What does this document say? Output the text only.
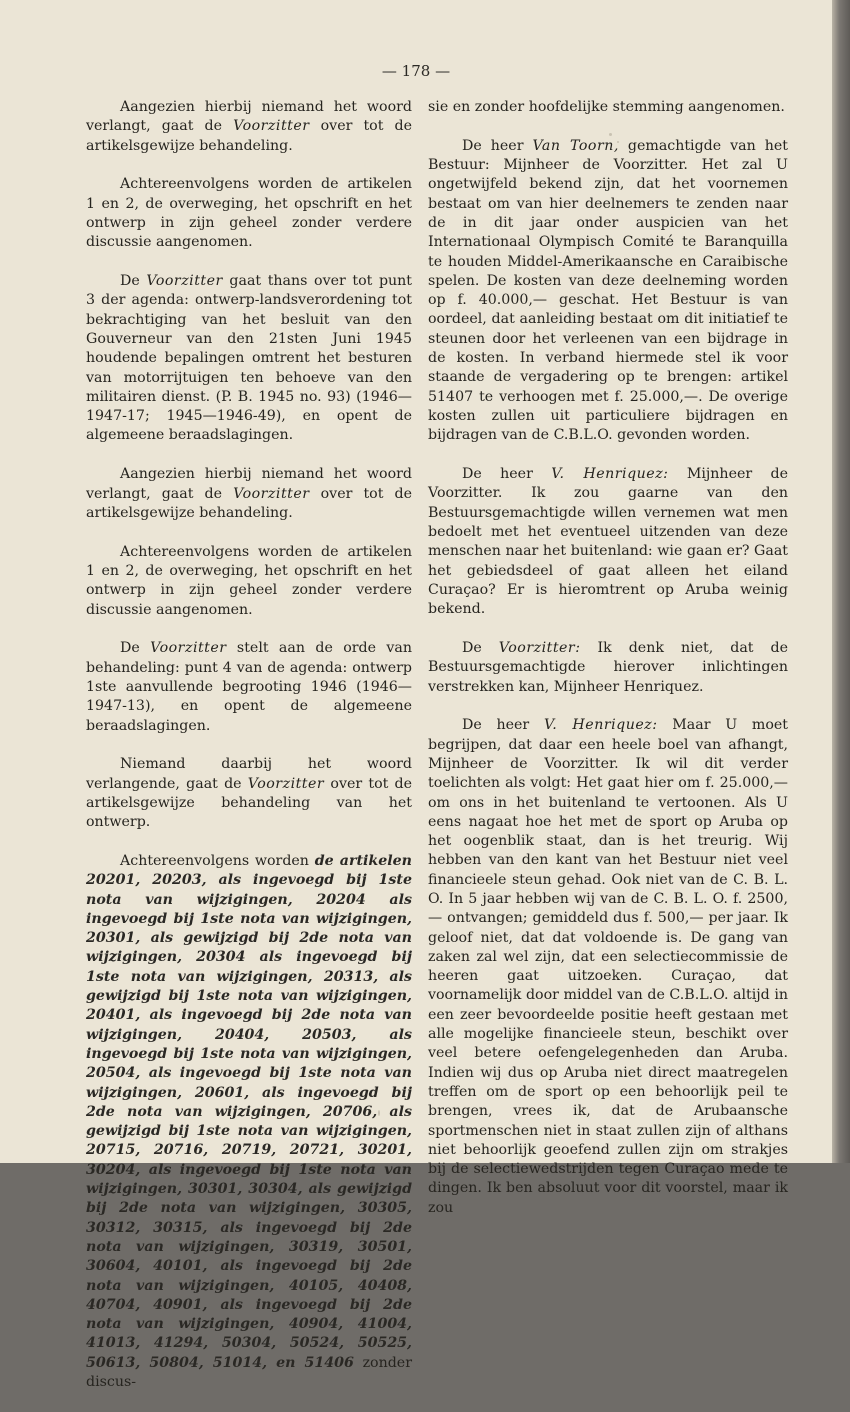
— 178 —

Aangezien hierbij niemand het woord verlangt, gaat de Voorzitter over tot de artikelsgewijze behandeling.

Achtereenvolgens worden de artikelen 1 en 2, de overweging, het opschrift en het ontwerp in zijn geheel zonder verdere discussie aangenomen.

De Voorzitter gaat thans over tot punt 3 der agenda: ontwerp-landsverordening tot bekrachtiging van het besluit van den Gouverneur van den 21sten Juni 1945 houdende bepalingen omtrent het besturen van motorrijtuigen ten behoeve van den militairen dienst. (P. B. 1945 no. 93) (1946—1947-17; 1945—1946-49), en opent de algemeene beraadslagingen.

Aangezien hierbij niemand het woord verlangt, gaat de Voorzitter over tot de artikelsgewijze behandeling.

Achtereenvolgens worden de artikelen 1 en 2, de overweging, het opschrift en het ontwerp in zijn geheel zonder verdere discussie aangenomen.

De Voorzitter stelt aan de orde van behandeling: punt 4 van de agenda: ontwerp 1ste aanvullende begrooting 1946 (1946—1947-13), en opent de algemeene beraadslagingen.

Niemand daarbij het woord verlangende, gaat de Voorzitter over tot de artikelsgewijze behandeling van het ontwerp.

Achtereenvolgens worden de artikelen 20201, 20203, als ingevoegd bij 1ste nota van wijzigingen, 20204 als ingevoegd bij 1ste nota van wijzigingen, 20301, als gewijzigd bij 2de nota van wijzigingen, 20304 als ingevoegd bij 1ste nota van wijzigingen, 20313, als gewijzigd bij 1ste nota van wijzigingen, 20401, als ingevoegd bij 2de nota van wijzigingen, 20404, 20503, als ingevoegd bij 1ste nota van wijzigingen, 20504, als ingevoegd bij 1ste nota van wijzigingen, 20601, als ingevoegd bij 2de nota van wijzigingen, 20706, als gewijzigd bij 1ste nota van wijzigingen, 20715, 20716, 20719, 20721, 30201, 30204, als ingevoegd bij 1ste nota van wijzigingen, 30301, 30304, als gewijzigd bij 2de nota van wijzigingen, 30305, 30312, 30315, als ingevoegd bij 2de nota van wijzigingen, 30319, 30501, 30604, 40101, als ingevoegd bij 2de nota van wijzigingen, 40105, 40408, 40704, 40901, als ingevoegd bij 2de nota van wijzigingen, 40904, 41004, 41013, 41294, 50304, 50524, 50525, 50613, 50804, 51014, en 51406 zonder discus-

sie en zonder hoofdelijke stemming aangenomen.

De heer Van Toorn, gemachtigde van het Bestuur: Mijnheer de Voorzitter. Het zal U ongetwijfeld bekend zijn, dat het voornemen bestaat om van hier deelnemers te zenden naar de in dit jaar onder auspicien van het Internationaal Olympisch Comité te Baranquilla te houden Middel-Amerikaansche en Caraibische spelen. De kosten van deze deelneming worden op f. 40.000,— geschat. Het Bestuur is van oordeel, dat aanleiding bestaat om dit initiatief te steunen door het verleenen van een bijdrage in de kosten. In verband hiermede stel ik voor staande de vergadering op te brengen: artikel 51407 te verhoogen met f. 25.000,—. De overige kosten zullen uit particuliere bijdragen en bijdragen van de C.B.L.O. gevonden worden.

De heer V. Henriquez: Mijnheer de Voorzitter. Ik zou gaarne van den Bestuursgemachtigde willen vernemen wat men bedoelt met het eventueel uitzenden van deze menschen naar het buitenland: wie gaan er? Gaat het gebiedsdeel of gaat alleen het eiland Curaçao? Er is hieromtrent op Aruba weinig bekend.

De Voorzitter: Ik denk niet, dat de Bestuursgemachtigde hierover inlichtingen verstrekken kan, Mijnheer Henriquez.

De heer V. Henriquez: Maar U moet begrijpen, dat daar een heele boel van afhangt, Mijnheer de Voorzitter. Ik wil dit verder toelichten als volgt: Het gaat hier om f. 25.000,— om ons in het buitenland te vertoonen. Als U eens nagaat hoe het met de sport op Aruba op het oogenblik staat, dan is het treurig. Wij hebben van den kant van het Bestuur niet veel financieele steun gehad. Ook niet van de C. B. L. O. In 5 jaar hebben wij van de C. B. L. O. f. 2500,— ontvangen; gemiddeld dus f. 500,— per jaar. Ik geloof niet, dat dat voldoende is. De gang van zaken zal wel zijn, dat een selectiecommissie de heeren gaat uitzoeken. Curaçao, dat voornamelijk door middel van de C.B.L.O. altijd in een zeer bevoordeelde positie heeft gestaan met alle mogelijke financieele steun, beschikt over veel betere oefengelegenheden dan Aruba. Indien wij dus op Aruba niet direct maatregelen treffen om de sport op een behoorlijk peil te brengen, vrees ik, dat de Arubaansche sportmenschen niet in staat zullen zijn of althans niet behoorlijk geoefend zullen zijn om strakjes bij de selectiewedstrijden tegen Curaçao mede te dingen. Ik ben absoluut voor dit voorstel, maar ik zou
